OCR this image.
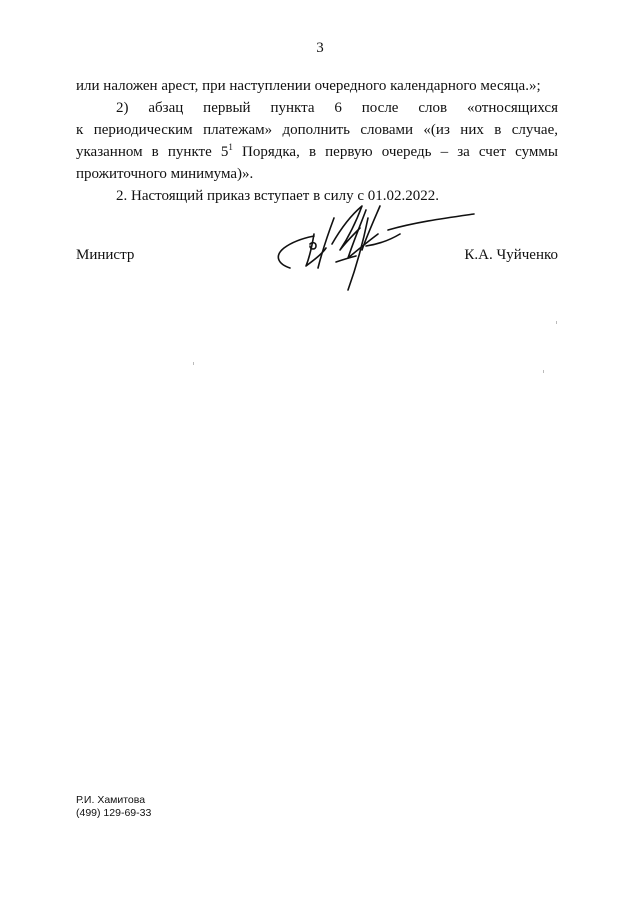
3
или наложен арест, при наступлении очередного календарного месяца.»;
2) абзац первый пункта 6 после слов «относящихся
к периодическим платежам» дополнить словами «(из них в случае,
указанном в пункте $5^1$ Порядка, в первую очередь – за счет суммы
прожиточного минимума)».
2. Настоящий приказ вступает в силу с 01.02.2022.
Министр	К.А. Чуйченко
Р.И. Хамитова
(499) 129-69-33
